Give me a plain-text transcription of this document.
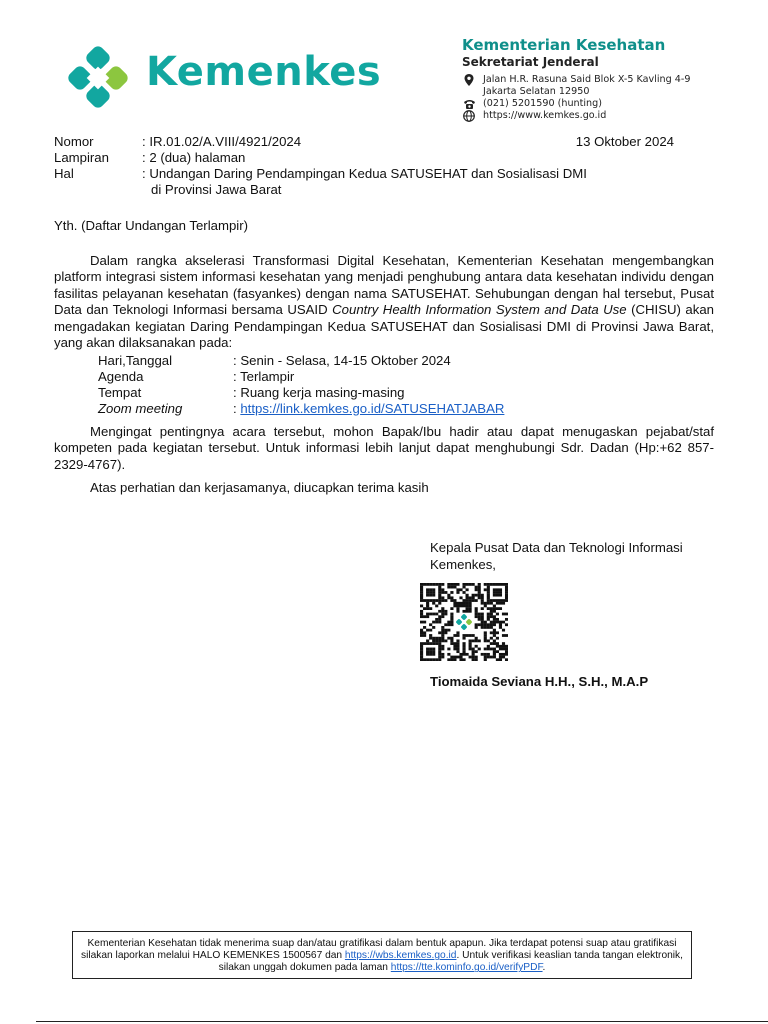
Kemenkes
Kementerian Kesehatan
Sekretariat Jenderal
Jalan H.R. Rasuna Said Blok X-5 Kavling 4-9
Jakarta Selatan 12950
(021) 5201590 (hunting)
https://www.kemkes.go.id
Nomor	: IR.01.02/A.VIII/4921/2024	13 Oktober 2024
Lampiran	: 2 (dua) halaman
Hal	: Undangan Daring Pendampingan Kedua SATUSEHAT dan Sosialisasi DMI
di Provinsi Jawa Barat
Yth. (Daftar Undangan Terlampir)
Dalam rangka akselerasi Transformasi Digital Kesehatan, Kementerian Kesehatan mengembangkan platform integrasi sistem informasi kesehatan yang menjadi penghubung antara data kesehatan individu dengan fasilitas pelayanan kesehatan (fasyankes) dengan nama SATUSEHAT. Sehubungan dengan hal tersebut, Pusat Data dan Teknologi Informasi bersama USAID Country Health Information System and Data Use (CHISU) akan mengadakan kegiatan Daring Pendampingan Kedua SATUSEHAT dan Sosialisasi DMI di Provinsi Jawa Barat, yang akan dilaksanakan pada:
Hari,Tanggal	: Senin - Selasa, 14-15 Oktober 2024
Agenda	: Terlampir
Tempat	: Ruang kerja masing-masing
Zoom meeting	: https://link.kemkes.go.id/SATUSEHATJABAR
Mengingat pentingnya acara tersebut, mohon Bapak/Ibu hadir atau dapat menugaskan pejabat/staf kompeten pada kegiatan tersebut. Untuk informasi lebih lanjut dapat menghubungi Sdr. Dadan (Hp:+62 857-2329-4767).
Atas perhatian dan kerjasamanya, diucapkan terima kasih
Kepala Pusat Data dan Teknologi Informasi
Kemenkes,
Tiomaida Seviana H.H., S.H., M.A.P
Kementerian Kesehatan tidak menerima suap dan/atau gratifikasi dalam bentuk apapun. Jika terdapat potensi suap atau gratifikasi silakan laporkan melalui HALO KEMENKES 1500567 dan https://wbs.kemkes.go.id. Untuk verifikasi keaslian tanda tangan elektronik, silakan unggah dokumen pada laman https://tte.kominfo.go.id/verifyPDF.
